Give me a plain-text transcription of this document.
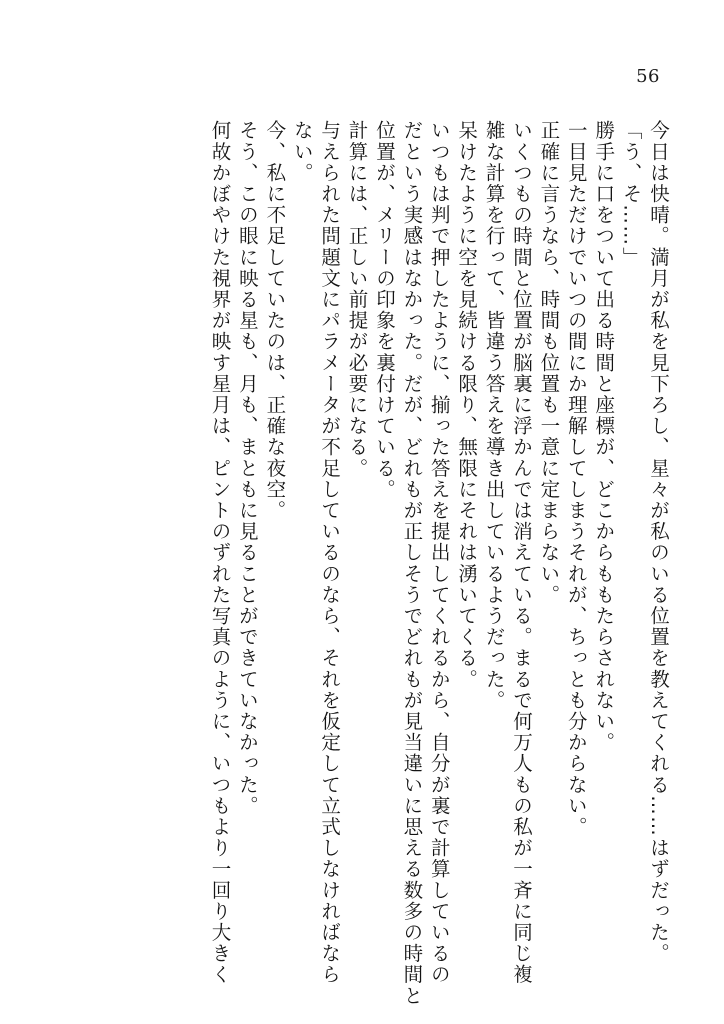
56

今日は快晴。満月が私を見下ろし、星々が私のいる位置を教えてくれる……はずだった。

「う、そ……」

勝手に口をついて出る時間と座標が、どこからももたらされない。

一目見ただけでいつの間にか理解してしまうそれが、ちっとも分からない。

正確に言うなら、時間も位置も一意に定まらない。

いくつもの時間と位置が脳裏に浮かんでは消えている。まるで何万人もの私が一斉に同じ複

雑な計算を行って、皆違う答えを導き出しているようだった。

呆けたように空を見続ける限り、無限にそれは湧いてくる。

いつもは判で押したように、揃った答えを提出してくれるから、自分が裏で計算しているの

だという実感はなかった。だが、どれもが正しそうでどれもが見当違いに思える数多の時間と

位置が、メリーの印象を裏付けている。

計算には、正しい前提が必要になる。

与えられた問題文にパラメータが不足しているのなら、それを仮定して立式しなければなら

ない。

今、私に不足していたのは、正確な夜空。

そう、この眼に映る星も、月も、まともに見ることができていなかった。

何故かぼやけた視界が映す星月は、ピントのずれた写真のように、いつもより一回り大きく
